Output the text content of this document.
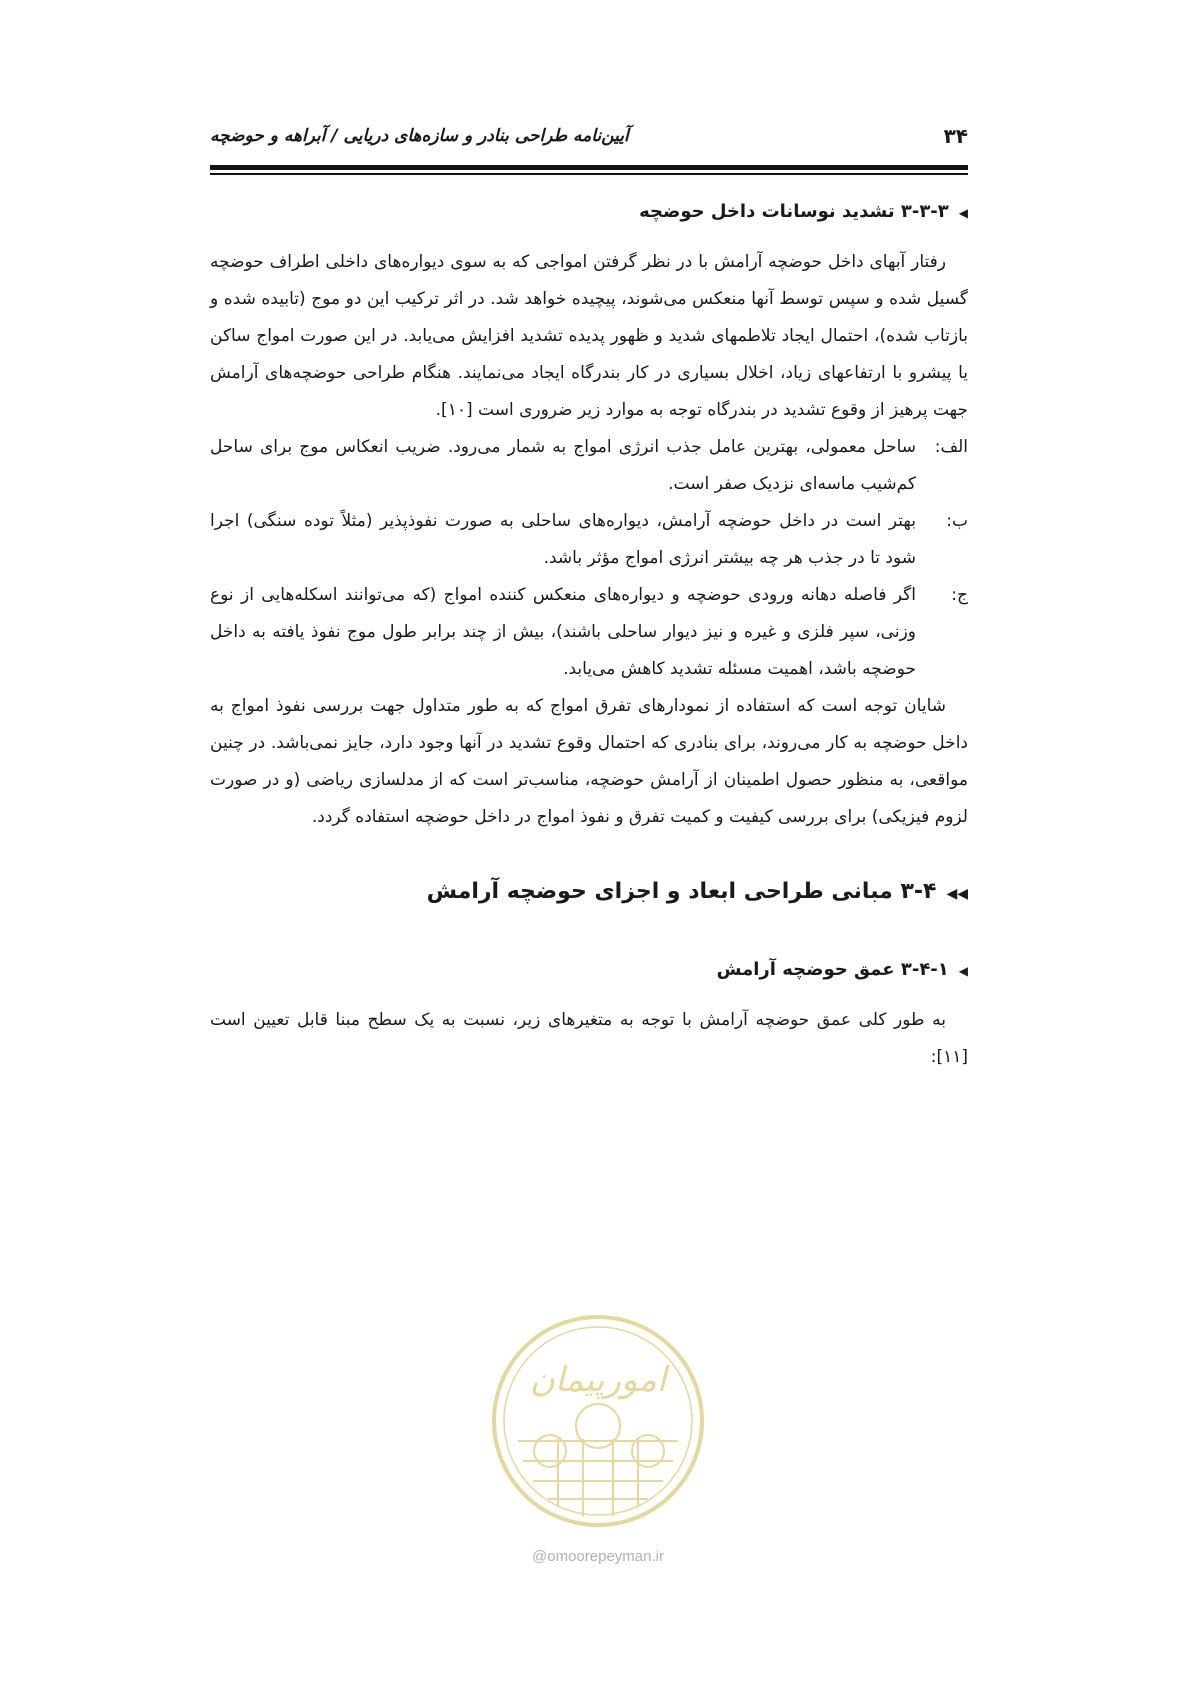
۳۴
آیین‌نامه طراحی بنادر و سازه‌های دریایی / آبراهه و حوضچه
◀۳-۳-۳ تشدید نوسانات داخل حوضچه

رفتار آبهای داخل حوضچه آرامش با در نظر گرفتن امواجی که به سوی دیواره‌های داخلی اطراف حوضچه گسیل شده و سپس توسط آنها منعکس می‌شوند، پیچیده خواهد شد. در اثر ترکیب این دو موج (تابیده شده و بازتاب شده)، احتمال ایجاد تلاطمهای شدید و ظهور پدیده تشدید افزایش می‌یابد. در این صورت امواج ساکن یا پیشرو با ارتفاعهای زیاد، اخلال بسیاری در کار بندرگاه ایجاد می‌نمایند. هنگام طراحی حوضچه‌های آرامش جهت پرهیز از وقوع تشدید در بندرگاه توجه به موارد زیر ضروری است [۱۰].

الف:
ساحل معمولی، بهترین عامل جذب انرژی امواج به شمار می‌رود. ضریب انعکاس موج برای ساحل کم‌شیب ماسه‌ای نزدیک صفر است.
ب:
بهتر است در داخل حوضچه آرامش، دیواره‌های ساحلی به صورت نفوذپذیر (مثلاً توده سنگی) اجرا شود تا در جذب هر چه بیشتر انرژی امواج مؤثر باشد.
ج:
اگر فاصله دهانه ورودی حوضچه و دیواره‌های منعکس کننده امواج (که می‌توانند اسکله‌هایی از نوع وزنی، سپر فلزی و غیره و نیز دیوار ساحلی باشند)، بیش از چند برابر طول موج نفوذ یافته به داخل حوضچه باشد، اهمیت مسئله تشدید کاهش می‌یابد.

شایان توجه است که استفاده از نمودارهای تفرق امواج که به طور متداول جهت بررسی نفوذ امواج به داخل حوضچه به کار می‌روند، برای بنادری که احتمال وقوع تشدید در آنها وجود دارد، جایز نمی‌باشد. در چنین مواقعی، به منظور حصول اطمینان از آرامش حوضچه، مناسب‌تر است که از مدلسازی ریاضی (و در صورت لزوم فیزیکی) برای بررسی کیفیت و کمیت تفرق و نفوذ امواج در داخل حوضچه استفاده گردد.

◀◀۳-۴ مبانی طراحی ابعاد و اجزای حوضچه آرامش
◀۳-۴-۱ عمق حوضچه آرامش

به طور کلی عمق حوضچه آرامش با توجه به متغیرهای زیر، نسبت به یک سطح مبنا قابل تعیین است [۱۱]:

امورپیمان
@omoorepeyman.ir
